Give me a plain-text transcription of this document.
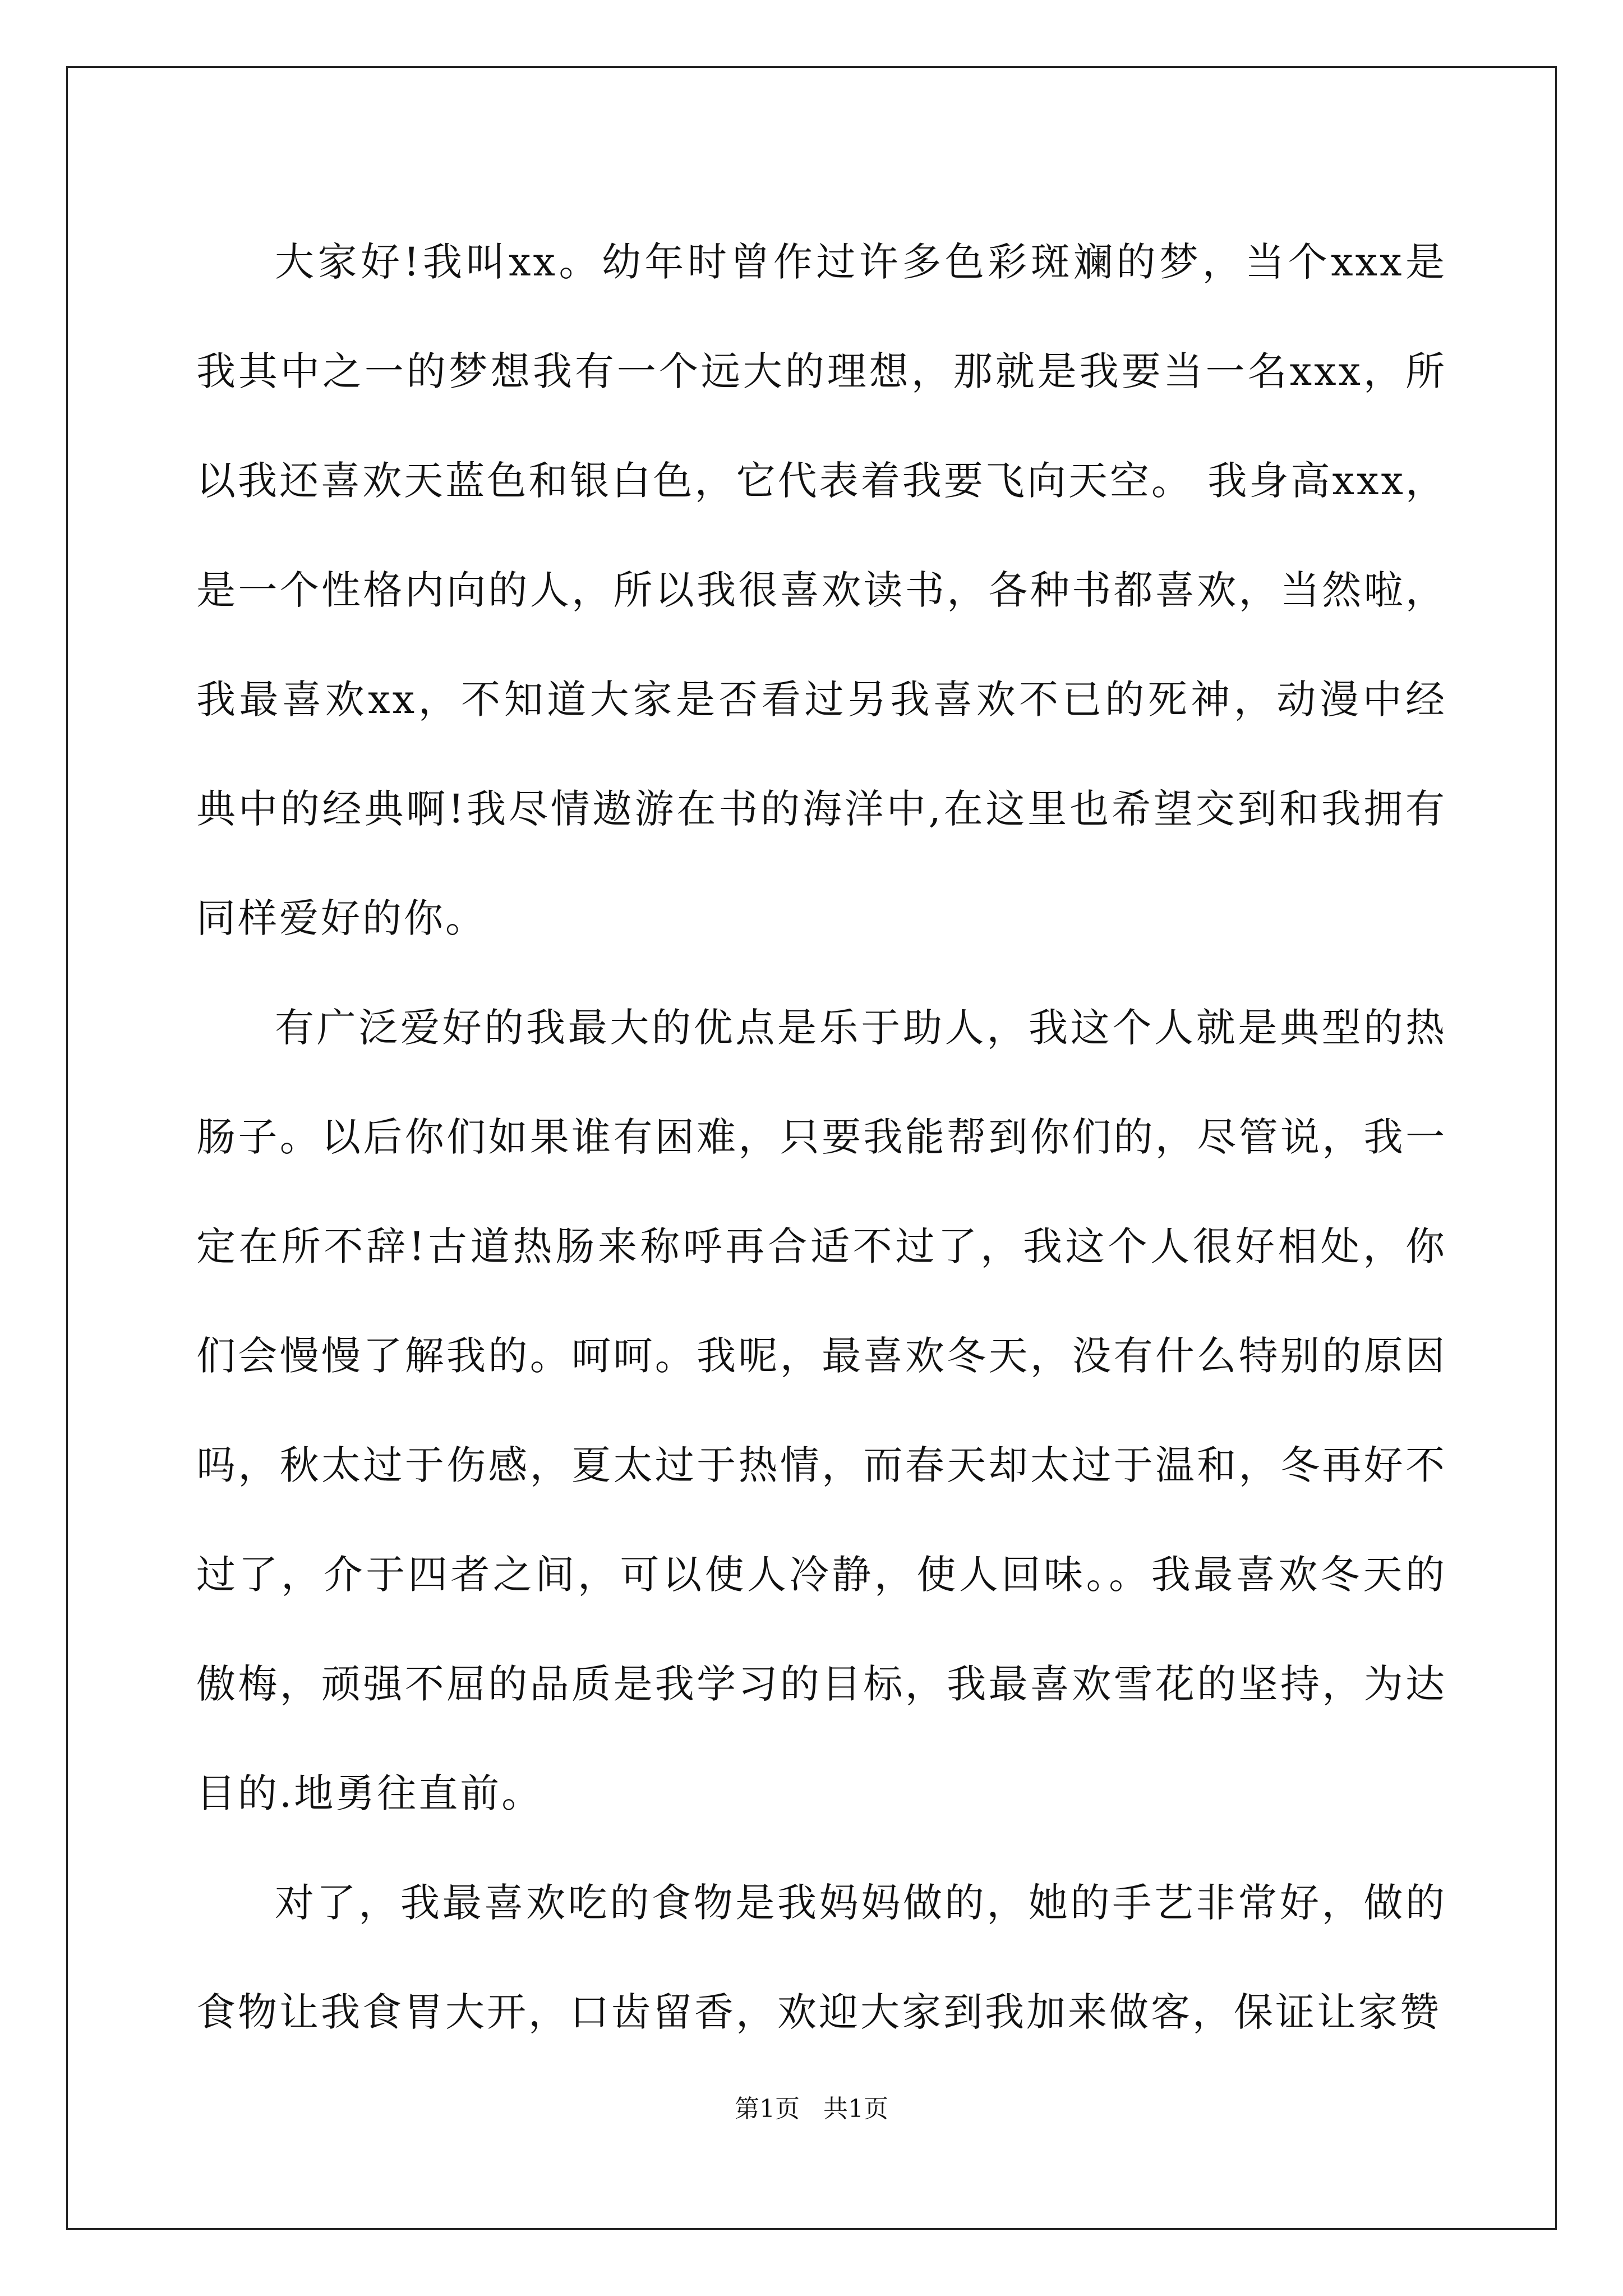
大家好!我叫xx。幼年时曾作过许多色彩斑斓的梦，当个xxx是我其中之一的梦想我有一个远大的理想，那就是我要当一名xxx，所以我还喜欢天蓝色和银白色，它代表着我要飞向天空。 我身高xxx，是一个性格内向的人，所以我很喜欢读书，各种书都喜欢，当然啦，我最喜欢xx，不知道大家是否看过另我喜欢不已的死神，动漫中经典中的经典啊!我尽情遨游在书的海洋中,在这里也希望交到和我拥有同样爱好的你。

有广泛爱好的我最大的优点是乐于助人，我这个人就是典型的热肠子。以后你们如果谁有困难，只要我能帮到你们的，尽管说，我一定在所不辞!古道热肠来称呼再合适不过了，我这个人很好相处，你们会慢慢了解我的。呵呵。我呢，最喜欢冬天，没有什么特别的原因吗，秋太过于伤感，夏太过于热情，而春天却太过于温和，冬再好不过了，介于四者之间，可以使人冷静，使人回味。。我最喜欢冬天的傲梅，顽强不屈的品质是我学习的目标，我最喜欢雪花的坚持，为达目的.地勇往直前。

对了，我最喜欢吃的食物是我妈妈做的，她的手艺非常好，做的食物让我食胃大开，口齿留香，欢迎大家到我加来做客，保证让家赞

第1页   共1页
